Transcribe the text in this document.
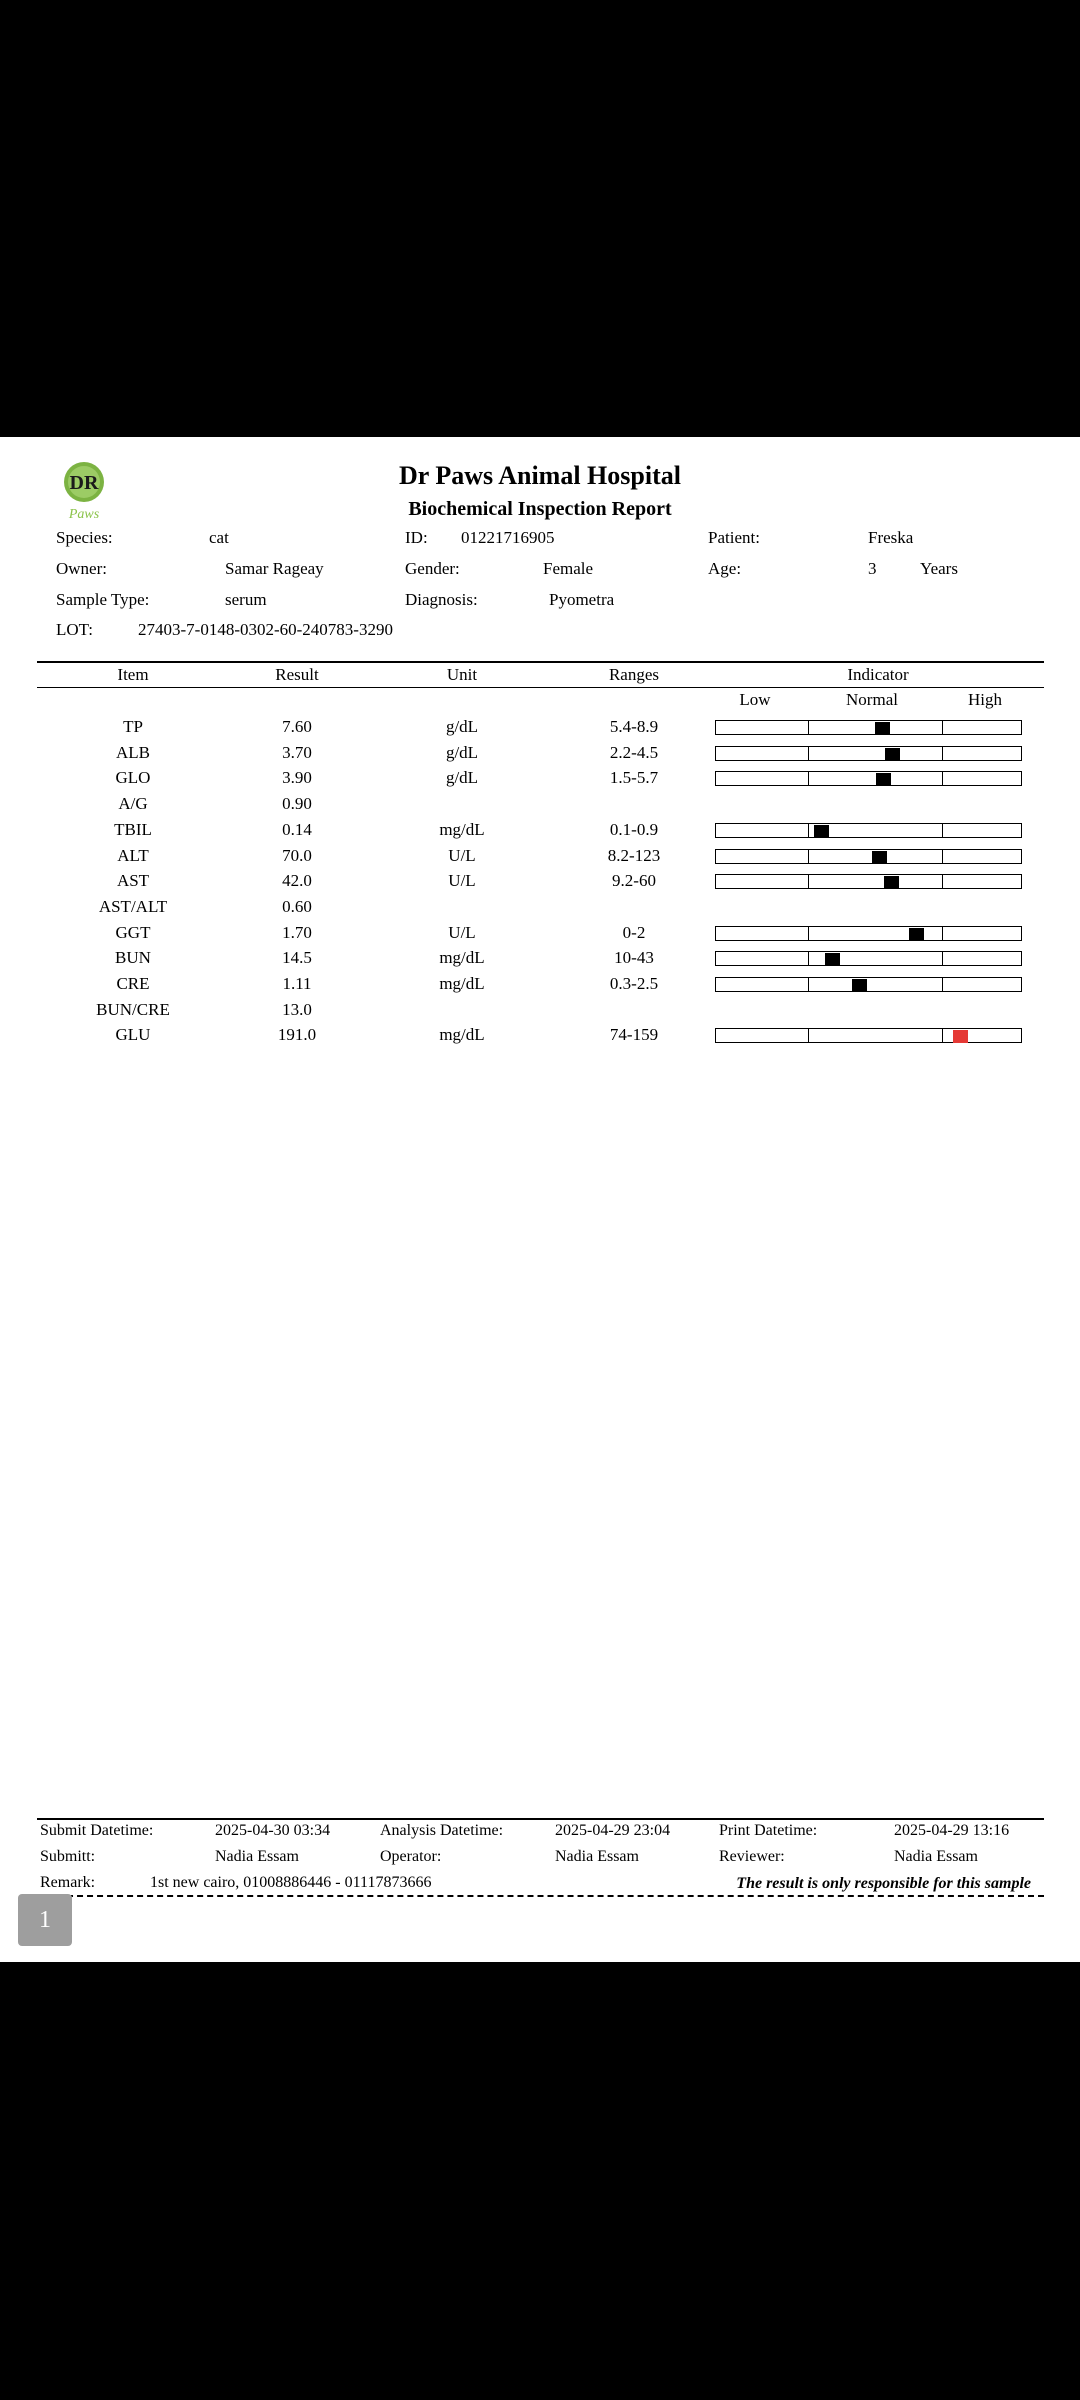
DR
Paws
Dr Paws Animal Hospital
Biochemical Inspection Report
Species:	cat	ID: 01221716905	Patient:	Freska
Owner:	Samar Rageay	Gender:	Female	Age:	3	Years
Sample Type:	serum	Diagnosis:	Pyometra
LOT:	27403-7-0148-0302-60-240783-3290
Item	Result	Unit	Ranges	Indicator
Low	Normal	High
Submit Datetime:	2025-04-30 03:34	Analysis Datetime:	2025-04-29 23:04	Print Datetime:	2025-04-29 13:16
Submitt:	Nadia Essam	Operator:	Nadia Essam	Reviewer:	Nadia Essam
Remark:	1st new cairo, 01008886446 - 01117873666	The result is only responsible for this sample
TP	7.60	g/dL	5.4-8.9
ALB	3.70	g/dL	2.2-4.5
GLO	3.90	g/dL	1.5-5.7
A/G	0.90
TBIL	0.14	mg/dL	0.1-0.9
ALT	70.0	U/L	8.2-123
AST	42.0	U/L	9.2-60
AST/ALT	0.60
GGT	1.70	U/L	0-2
BUN	14.5	mg/dL	10-43
CRE	1.11	mg/dL	0.3-2.5
BUN/CRE	13.0
GLU	191.0	mg/dL	74-159
1
